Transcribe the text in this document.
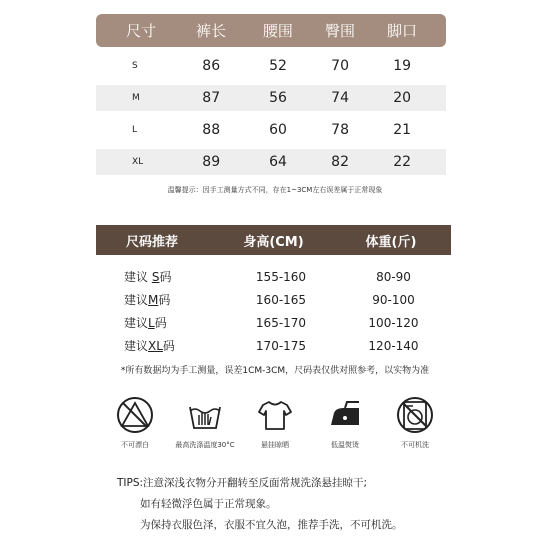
尺寸	裤长	腰围	臀围	脚口
S	86	52	70	19
M	87	56	74	20
L	88	60	78	21
XL	89	64	82	22
温馨提示：因手工测量方式不同，存在1~3CM左右误差属于正常现象
尺码推荐	身高(CM)	体重(斤)
建议 S码	155-160	80-90
建议M码	160-165	90-100
建议L码	165-170	100-120
建议XL码	170-175	120-140
*所有数据均为手工测量，误差1CM-3CM，尺码表仅供对照参考，以实物为准
不可漂白	最高洗涤温度30°C	悬挂晾晒	低温熨烫	不可机洗
TIPS:注意深浅衣物分开翻转至反面常规洗涤悬挂晾干;
如有轻微浮色属于正常现象。
为保持衣服色泽，衣服不宜久泡，推荐手洗，不可机洗。
